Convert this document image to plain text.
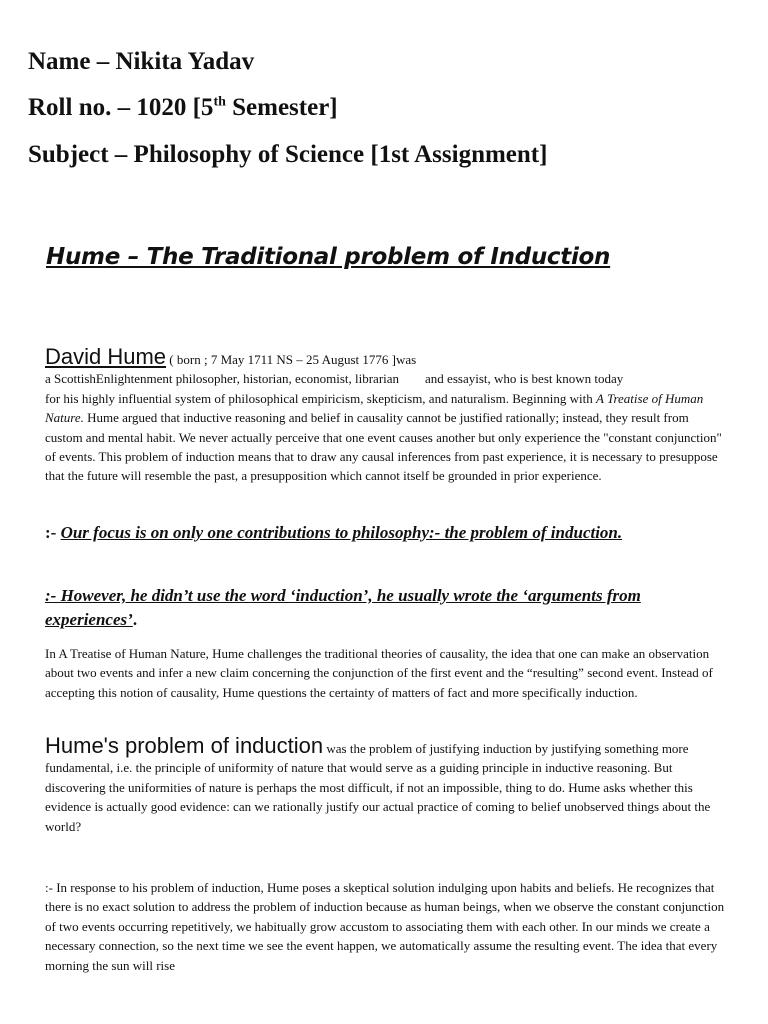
Name – Nikita Yadav
Roll no. – 1020 [5th Semester]
Subject – Philosophy of Science [1st Assignment]
Hume – The Traditional problem of Induction
David Hume ( born ; 7 May 1711 NS – 25 August 1776 ]was
a ScottishEnlightenment philosopher, historian, economist, librarian and essayist, who is best known today
for his highly influential system of philosophical empiricism, skepticism, and naturalism. Beginning with A Treatise of Human Nature. Hume argued that inductive reasoning and belief in causality cannot be justified rationally; instead, they result from custom and mental habit. We never actually perceive that one event causes another but only experience the "constant conjunction" of events. This problem of induction means that to draw any causal inferences from past experience, it is necessary to presuppose that the future will resemble the past, a presupposition which cannot itself be grounded in prior experience.
:- Our focus is on only one contributions to philosophy:- the problem of induction.
:- However, he didn’t use the word ‘induction’, he usually wrote the ‘arguments from experiences’.
In A Treatise of Human Nature, Hume challenges the traditional theories of causality, the idea that one can make an observation about two events and infer a new claim concerning the conjunction of the first event and the “resulting” second event. Instead of accepting this notion of causality, Hume questions the certainty of matters of fact and more specifically induction.
Hume's problem of induction was the problem of justifying induction by justifying something more fundamental, i.e. the principle of uniformity of nature that would serve as a guiding principle in inductive reasoning. But discovering the uniformities of nature is perhaps the most difficult, if not an impossible, thing to do. Hume asks whether this evidence is actually good evidence: can we rationally justify our actual practice of coming to belief unobserved things about the world?
:- In response to his problem of induction, Hume poses a skeptical solution indulging upon habits and beliefs. He recognizes that there is no exact solution to address the problem of induction because as human beings, when we observe the constant conjunction of two events occurring repetitively, we habitually grow accustom to associating them with each other. In our minds we create a necessary connection, so the next time we see the event happen, we automatically assume the resulting event. The idea that every morning the sun will rise
